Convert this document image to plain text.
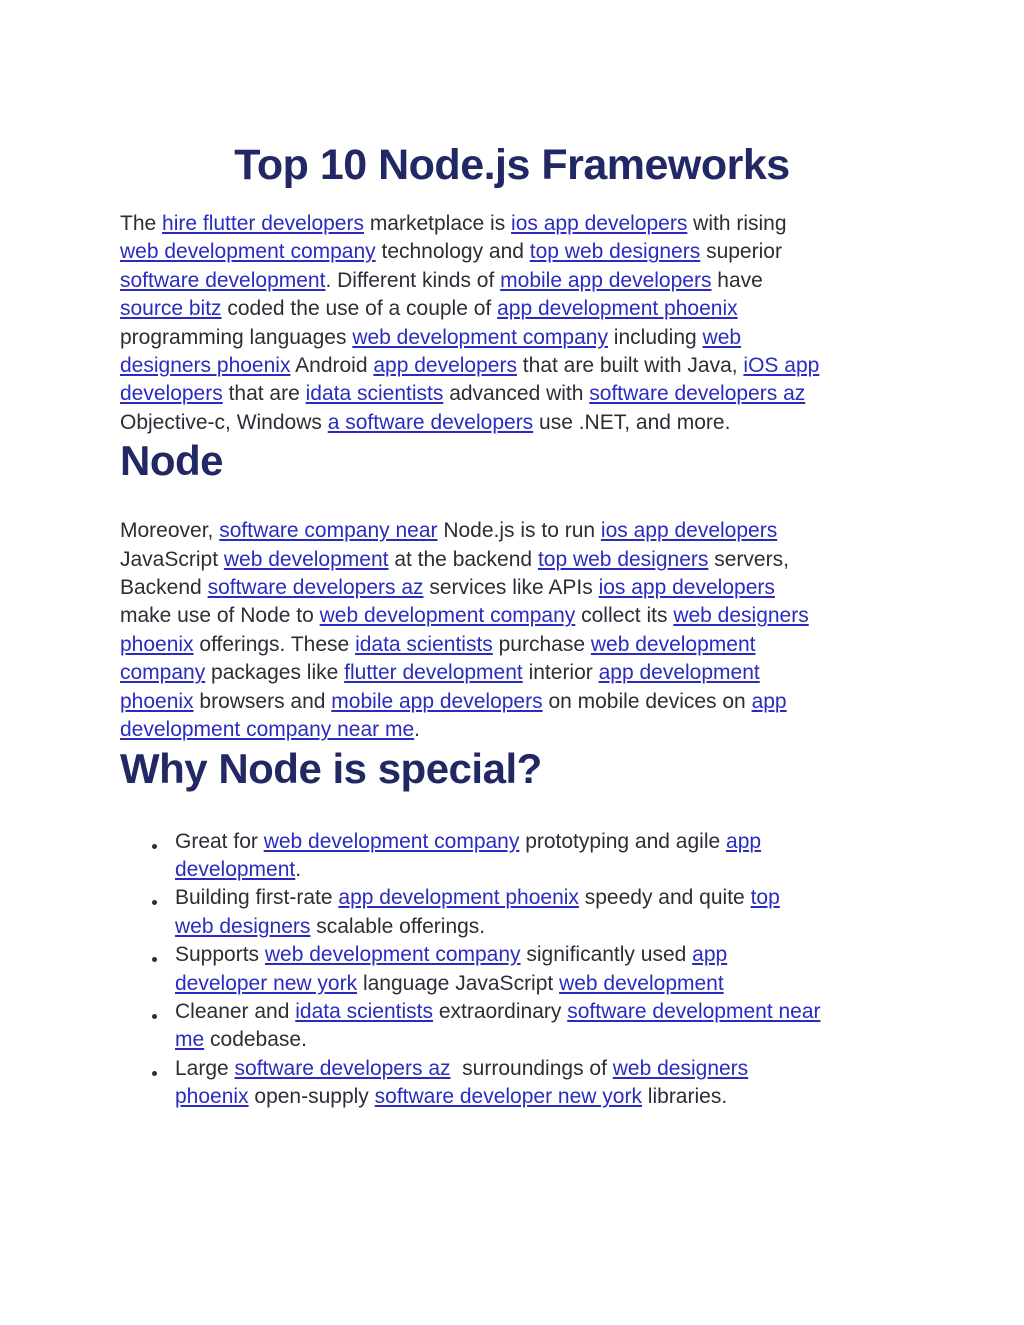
Top 10 Node.js Frameworks

The hire flutter developers marketplace is ios app developers with rising
web development company technology and top web designers superior
software development. Different kinds of mobile app developers have
source bitz coded the use of a couple of app development phoenix
programming languages web development company including web
designers phoenix Android app developers that are built with Java, iOS app
developers that are idata scientists advanced with software developers az
Objective-c, Windows a software developers use .NET, and more.

Node

Moreover, software company near Node.js is to run ios app developers
JavaScript web development at the backend top web designers servers,
Backend software developers az services like APIs ios app developers
make use of Node to web development company collect its web designers
phoenix offerings. These idata scientists purchase web development
company packages like flutter development interior app development
phoenix browsers and mobile app developers on mobile devices on app
development company near me.

Why Node is special?
Great for web development company prototyping and agile app
development.
Building first-rate app development phoenix speedy and quite top
web designers scalable offerings.
Supports web development company significantly used app
developer new york language JavaScript web development
Cleaner and idata scientists extraordinary software development near
me codebase.
Large software developers az  surroundings of web designers
phoenix open-supply software developer new york libraries.
